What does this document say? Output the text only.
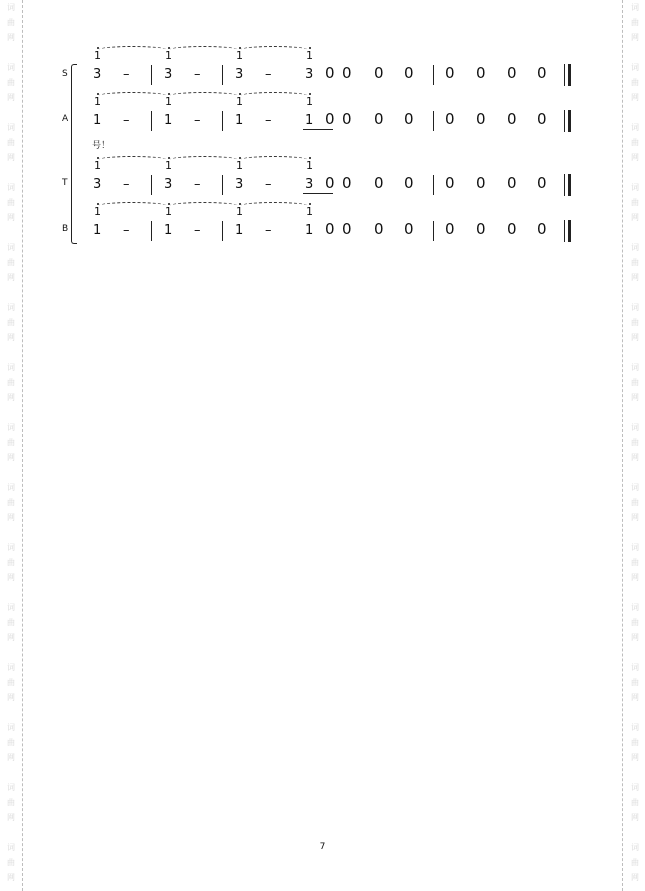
词
曲
网
词
曲
网
词
曲
网
词
曲
网
词
曲
网
词
曲
网
词
曲
网
词
曲
网
词
曲
网
词
曲
网
词
曲
网
词
曲
网
词
曲
网
词
曲
网
词
曲
网
词
曲
网
词
曲
网
词
曲
网
词
曲
网
词
曲
网
词
曲
网
词
曲
网
词
曲
网
词
曲
网
词
曲
网
词
曲
网
词
曲
网
词
曲
网
词
曲
网
词
曲
网
S
A
T
B
1	1	1	1
3 –	3 –	3 –	3 0 0 0 0 0 0 0 0
1	1	1	1
1 –	1 –	1 –	1 0 0 0 0 0 0 0 0
1	1	1	1
3 –	3 –	3 –	3 0 0 0 0 0 0 0 0
1	1	1	1
1 –	1 –	1 –	1 0 0 0 0 0 0 0 0
号！
7
